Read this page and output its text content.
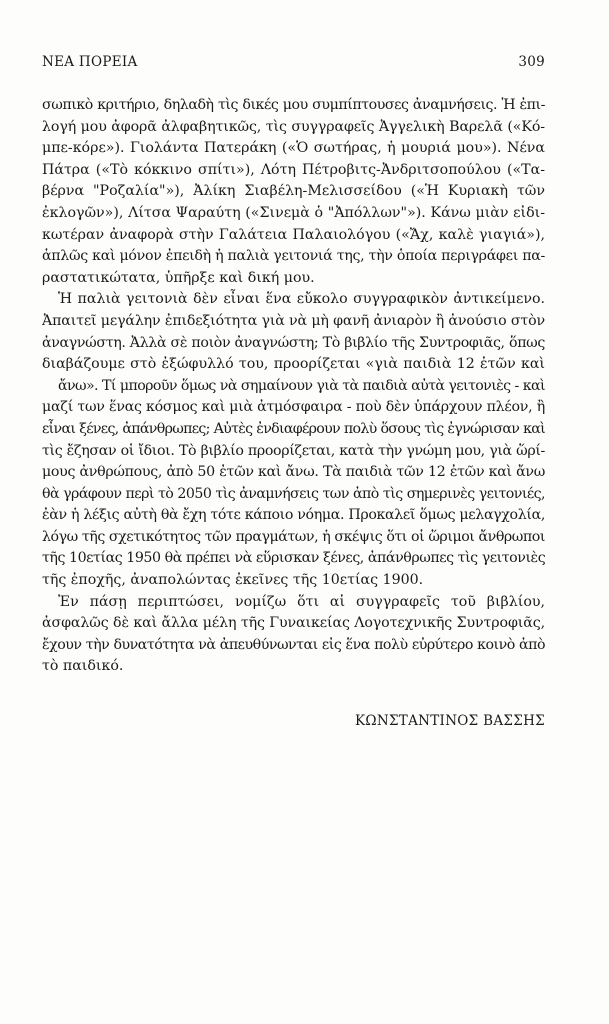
ΝΕΑ ΠΟΡΕΙΑ	309
σωπικὸ κριτήριο, δηλαδὴ τὶς δικές μου συμπίπτουσες ἀναμνήσεις. Ἡ ἐπι-
λογή μου ἀφορᾶ ἀλφαβητικῶς, τὶς συγγραφεῖς Ἀγγελικὴ Βαρελᾶ («Κό-
μπε-κόρε»). Γιολάντα Πατεράκη («Ὁ σωτήρας, ἡ μουριά μου»). Νένα
Πάτρα («Τὸ κόκκινο σπίτι»), Λότη Πέτροβιτς-Ἀνδριτσοπούλου («Τα-
βέρνα "Ροζαλία"»), Ἀλίκη Σιαβέλη-Μελισσείδου («Ἡ Κυριακὴ τῶν
ἐκλογῶν»), Λίτσα Ψαραύτη («Σινεμὰ ὁ "Ἀπόλλων"»). Κάνω μιὰν εἰδι-
κωτέραν ἀναφορὰ στὴν Γαλάτεια Παλαιολόγου («Ἄχ, καλὲ γιαγιά»),
ἁπλῶς καὶ μόνον ἐπειδὴ ἡ παλιὰ γειτονιά της, τὴν ὁποία περιγράφει πα-
ραστατικώτατα, ὑπῆρξε καὶ δική μου.
Ἡ παλιὰ γειτονιὰ δὲν εἶναι ἕνα εὔκολο συγγραφικὸν ἀντικείμενο.
Ἀπαιτεῖ μεγάλην ἐπιδεξιότητα γιὰ νὰ μὴ φανῆ ἀνιαρὸν ἢ ἀνούσιο στὸν
ἀναγνώστη. Ἀλλὰ σὲ ποιὸν ἀναγνώστη; Τὸ βιβλίο τῆς Συντροφιᾶς, ὅπως
διαβάζουμε στὸ ἐξώφυλλό του, προορίζεται «γιὰ παιδιὰ 12 ἐτῶν καὶ
ἄνω». Τί μποροῦν ὅμως νὰ σημαίνουν γιὰ τὰ παιδιὰ αὐτὰ γειτονιὲς - καὶ
μαζί των ἕνας κόσμος καὶ μιὰ ἀτμόσφαιρα - ποὺ δὲν ὑπάρχουν πλέον, ἢ
εἶναι ξένες, ἀπάνθρωπες; Αὐτὲς ἐνδιαφέρουν πολὺ ὅσους τὶς ἐγνώρισαν καὶ
τὶς ἔζησαν οἱ ἴδιοι. Τὸ βιβλίο προορίζεται, κατὰ τὴν γνώμη μου, γιὰ ὥρί-
μους ἀνθρώπους, ἀπὸ 50 ἐτῶν καὶ ἄνω. Τὰ παιδιὰ τῶν 12 ἐτῶν καὶ ἄνω
θὰ γράφουν περὶ τὸ 2050 τὶς ἀναμνήσεις των ἀπὸ τὶς σημερινὲς γειτονιές,
ἐὰν ἡ λέξις αὐτὴ θὰ ἔχη τότε κάποιο νόημα. Προκαλεῖ ὅμως μελαγχολία,
λόγω τῆς σχετικότητος τῶν πραγμάτων, ἡ σκέψις ὅτι οἱ ὥριμοι ἄνθρωποι
τῆς 10ετίας 1950 θὰ πρέπει νὰ εὕρισκαν ξένες, ἀπάνθρωπες τὶς γειτονιὲς
τῆς ἐποχῆς, ἀναπολώντας ἐκεῖνες τῆς 10ετίας 1900.
Ἐν πάσῃ περιπτώσει, νομίζω ὅτι αἱ συγγραφεῖς τοῦ βιβλίου,
ἀσφαλῶς δὲ καὶ ἄλλα μέλη τῆς Γυναικείας Λογοτεχνικῆς Συντροφιᾶς,
ἔχουν τὴν δυνατότητα νὰ ἀπευθύνωνται εἰς ἕνα πολὺ εὐρύτερο κοινὸ ἀπὸ
τὸ παιδικό.
ΚΩΝΣΤΑΝΤΙΝΟΣ ΒΑΣΣΗΣ
